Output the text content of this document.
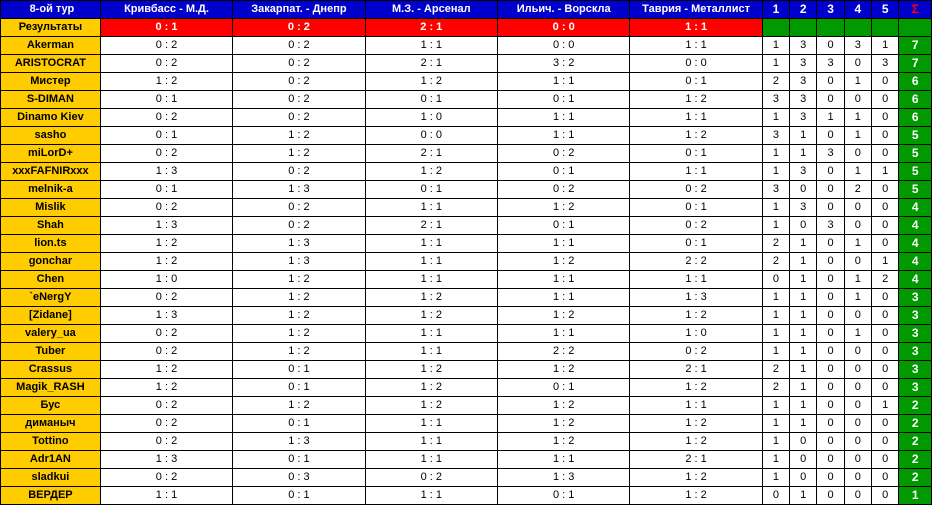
8-ой тур	Кривбасс - М.Д.	Закарпат. - Днепр	М.З. - Арсенал	Ильич. - Ворскла	Таврия - Металлист	1	2	3	4	5	Σ
Результаты	0 : 1	0 : 2	2 : 1	0 : 0	1 : 1						
Akerman	0 : 2	0 : 2	1 : 1	0 : 0	1 : 1	1	3	0	3	1	7
ARISTOCRAT	0 : 2	0 : 2	2 : 1	3 : 2	0 : 0	1	3	3	0	3	7
Мистер	1 : 2	0 : 2	1 : 2	1 : 1	0 : 1	2	3	0	1	0	6
S-DIMAN	0 : 1	0 : 2	0 : 1	0 : 1	1 : 2	3	3	0	0	0	6
Dinamo Kiev	0 : 2	0 : 2	1 : 0	1 : 1	1 : 1	1	3	1	1	0	6
sasho	0 : 1	1 : 2	0 : 0	1 : 1	1 : 2	3	1	0	1	0	5
miLorD+	0 : 2	1 : 2	2 : 1	0 : 2	0 : 1	1	1	3	0	0	5
xxxFAFNIRxxx	1 : 3	0 : 2	1 : 2	0 : 1	1 : 1	1	3	0	1	1	5
melnik-a	0 : 1	1 : 3	0 : 1	0 : 2	0 : 2	3	0	0	2	0	5
Mislik	0 : 2	0 : 2	1 : 1	1 : 2	0 : 1	1	3	0	0	0	4
Shah	1 : 3	0 : 2	2 : 1	0 : 1	0 : 2	1	0	3	0	0	4
lion.ts	1 : 2	1 : 3	1 : 1	1 : 1	0 : 1	2	1	0	1	0	4
gonchar	1 : 2	1 : 3	1 : 1	1 : 2	2 : 2	2	1	0	0	1	4
Chen	1 : 0	1 : 2	1 : 1	1 : 1	1 : 1	0	1	0	1	2	4
`eNergY	0 : 2	1 : 2	1 : 2	1 : 1	1 : 3	1	1	0	1	0	3
[Zidane]	1 : 3	1 : 2	1 : 2	1 : 2	1 : 2	1	1	0	0	0	3
valery_ua	0 : 2	1 : 2	1 : 1	1 : 1	1 : 0	1	1	0	1	0	3
Tuber	0 : 2	1 : 2	1 : 1	2 : 2	0 : 2	1	1	0	0	0	3
Crassus	1 : 2	0 : 1	1 : 2	1 : 2	2 : 1	2	1	0	0	0	3
Magik_RASH	1 : 2	0 : 1	1 : 2	0 : 1	1 : 2	2	1	0	0	0	3
Бус	0 : 2	1 : 2	1 : 2	1 : 2	1 : 1	1	1	0	0	1	2
диманыч	0 : 2	0 : 1	1 : 1	1 : 2	1 : 2	1	1	0	0	0	2
Tottino	0 : 2	1 : 3	1 : 1	1 : 2	1 : 2	1	0	0	0	0	2
Adr1AN	1 : 3	0 : 1	1 : 1	1 : 1	2 : 1	1	0	0	0	0	2
sladkui	0 : 2	0 : 3	0 : 2	1 : 3	1 : 2	1	0	0	0	0	2
ВЕРДЕР	1 : 1	0 : 1	1 : 1	0 : 1	1 : 2	0	1	0	0	0	1
